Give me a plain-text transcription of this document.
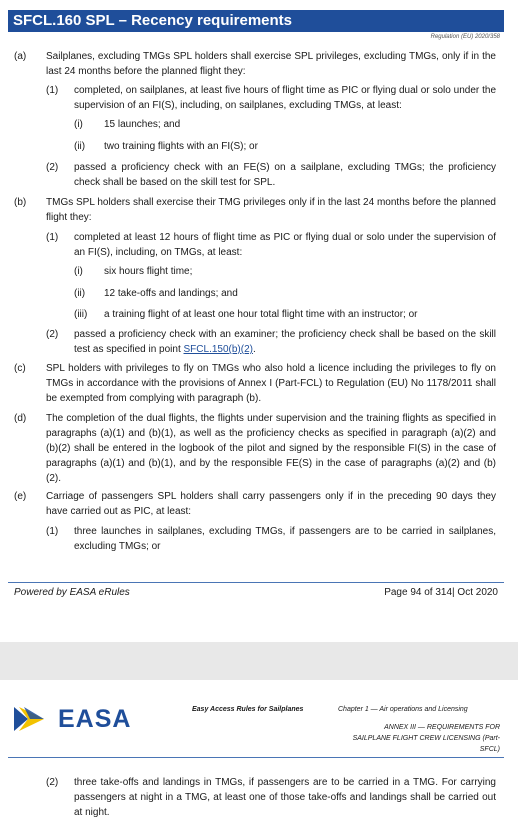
SFCL.160 SPL – Recency requirements
Regulation (EU) 2020/358
(a) Sailplanes, excluding TMGs SPL holders shall exercise SPL privileges, excluding TMGs, only if in the last 24 months before the planned flight they:
(1) completed, on sailplanes, at least five hours of flight time as PIC or flying dual or solo under the supervision of an FI(S), including, on sailplanes, excluding TMGs, at least:
(i) 15 launches; and
(ii) two training flights with an FI(S); or
(2) passed a proficiency check with an FE(S) on a sailplane, excluding TMGs; the proficiency check shall be based on the skill test for SPL.
(b) TMGs SPL holders shall exercise their TMG privileges only if in the last 24 months before the planned flight they:
(1) completed at least 12 hours of flight time as PIC or flying dual or solo under the supervision of an FI(S), including, on TMGs, at least:
(i) six hours flight time;
(ii) 12 take-offs and landings; and
(iii) a training flight of at least one hour total flight time with an instructor; or
(2) passed a proficiency check with an examiner; the proficiency check shall be based on the skill test as specified in point SFCL.150(b)(2).
(c) SPL holders with privileges to fly on TMGs who also hold a licence including the privileges to fly on TMGs in accordance with the provisions of Annex I (Part-FCL) to Regulation (EU) No 1178/2011 shall be exempted from complying with paragraph (b).
(d) The completion of the dual flights, the flights under supervision and the training flights as specified in paragraphs (a)(1) and (b)(1), as well as the proficiency checks as specified in paragraph (a)(2) and (b)(2) shall be entered in the logbook of the pilot and signed by the responsible FI(S) in the case of paragraphs (a)(1) and (b)(1), and by the responsible FE(S) in the case of paragraphs (a)(2) and (b)(2).
(e) Carriage of passengers SPL holders shall carry passengers only if in the preceding 90 days they have carried out as PIC, at least:
(1) three launches in sailplanes, excluding TMGs, if passengers are to be carried in sailplanes, excluding TMGs; or
Powered by EASA eRules	Page 94 of 314| Oct 2020
EASA	Easy Access Rules for Sailplanes	Chapter 1 — Air operations and Licensing
ANNEX III — REQUIREMENTS FOR
SAILPLANE FLIGHT CREW LICENSING (Part-
SFCL)
(2) three take-offs and landings in TMGs, if passengers are to be carried in a TMG. For carrying passengers at night in a TMG, at least one of those take-offs and landings shall be carried out at night.
